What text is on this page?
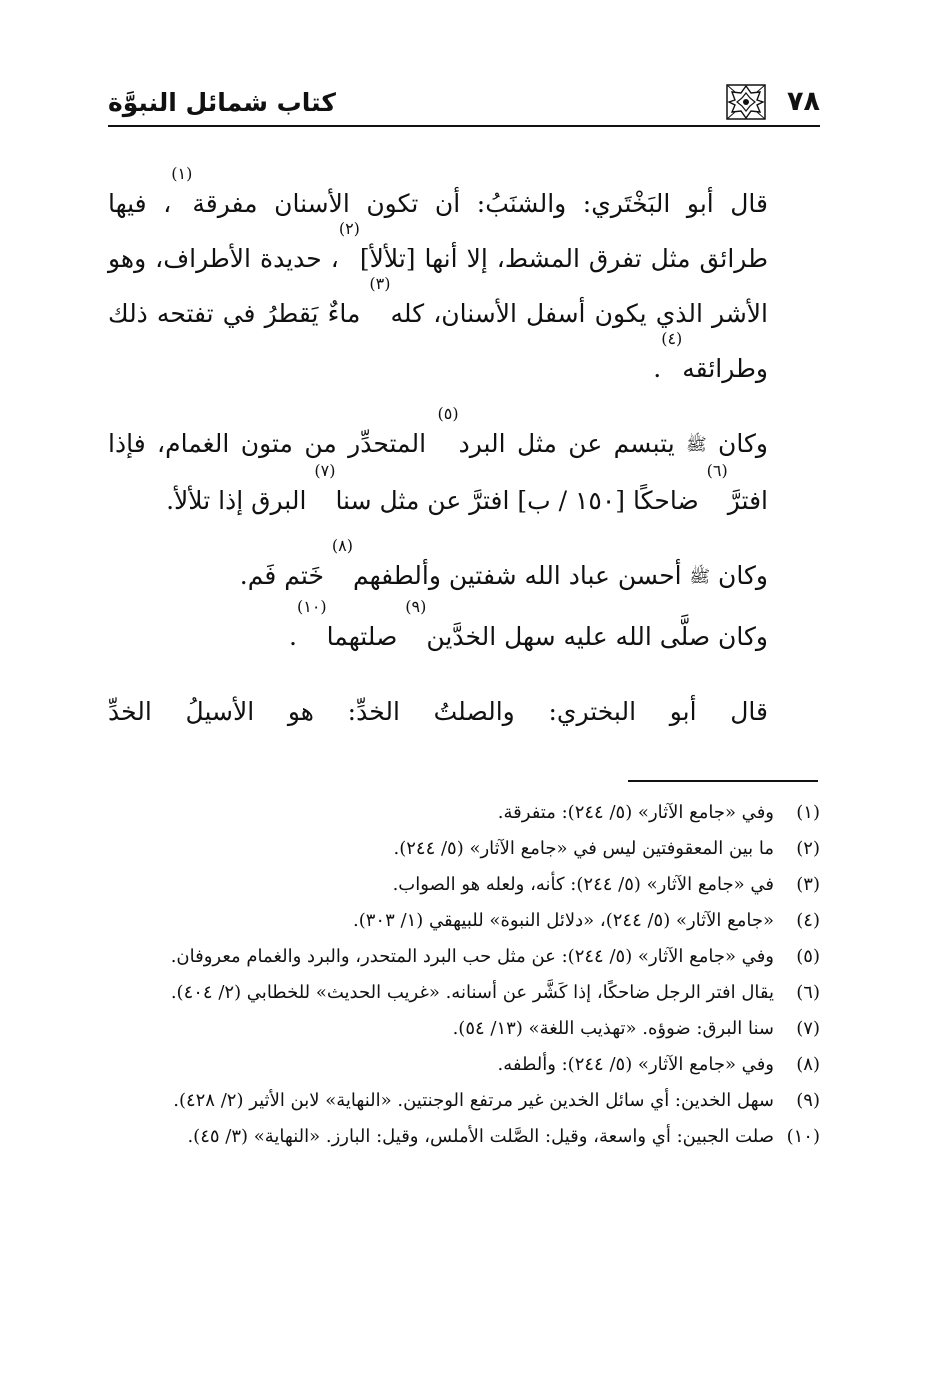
٧٨
كتاب شمائل النبوَّة

قال أبو البَخْتَري: والشنَبُ: أن تكون الأسنان مفرقة$^{(١)}$، فيها طرائق مثل تفرق المشط، إلا أنها [تلألأ]$^{(٢)}$، حديدة الأطراف، وهو الأشر الذي يكون أسفل الأسنان، كله$^{(٣)}$ ماءٌ يَقطرُ في تفتحه ذلك وطرائقه$^{(٤)}$.

وكان ﷺ يتبسم عن مثل البرد$^{(٥)}$ المتحدِّر من متون الغمام، فإذا افترَّ$^{(٦)}$ ضاحكًا [١٥٠ / ب] افترَّ عن مثل سنا$^{(٧)}$ البرق إذا تلألأ.

وكان ﷺ أحسن عباد الله شفتين وألطفهم$^{(٨)}$ خَتم فَم.

وكان صلَّى الله عليه سهل الخدَّين$^{(٩)}$ صلتهما$^{(١٠)}$.

قال أبو البختري: والصلتُ الخدِّ: هو الأسيلُ الخدِّ

(١)
وفي «جامع الآثار» (٥/ ٢٤٤): متفرقة.
(٢)
ما بين المعقوفتين ليس في «جامع الآثار» (٥/ ٢٤٤).
(٣)
في «جامع الآثار» (٥/ ٢٤٤): كأنه، ولعله هو الصواب.
(٤)
«جامع الآثار» (٥/ ٢٤٤)، «دلائل النبوة» للبيهقي (١/ ٣٠٣).
(٥)
وفي «جامع الآثار» (٥/ ٢٤٤): عن مثل حب البرد المتحدر، والبرد والغمام معروفان.
(٦)
يقال افتر الرجل ضاحكًا، إذا كَشَّر عن أسنانه. «غريب الحديث» للخطابي (٢/ ٤٠٤).
(٧)
سنا البرق: ضوؤه. «تهذيب اللغة» (١٣/ ٥٤).
(٨)
وفي «جامع الآثار» (٥/ ٢٤٤): وألطفه.
(٩)
سهل الخدين: أي سائل الخدين غير مرتفع الوجنتين. «النهاية» لابن الأثير (٢/ ٤٢٨).
(١٠)
صلت الجبين: أي واسعة، وقيل: الصَّلت الأملس، وقيل: البارز. «النهاية» (٣/ ٤٥).
